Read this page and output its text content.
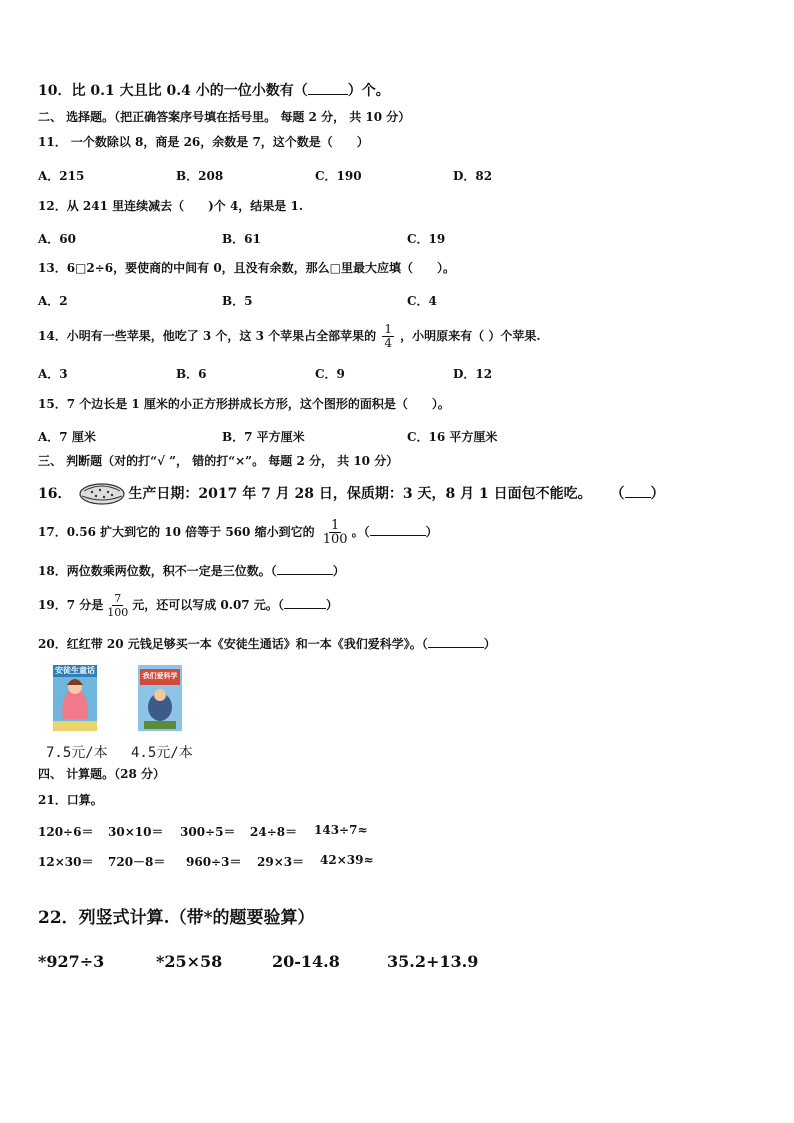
10．比 0.1 大且比 0.4 小的一位小数有（	）个。
二、 选择题。（把正确答案序号填在括号里。 每题 2 分， 共 10 分）
11． 一个数除以 8，商是 26，余数是 7，这个数是（　　）
A．215	B．208	C．190	D．82
12．从 241 里连续减去（　　)个 4，结果是 1.
A．60	B．61	C．19
13．6□2÷6，要使商的中间有 0，且没有余数，那么□里最大应填（　　）。
A．2	B．5	C．4
14．小明有一些苹果，他吃了 3 个，这 3 个苹果占全部苹果的 $\frac{1}{4}$ ，小明原来有（ ）个苹果.
A．3	B．6	C．9	D．12
15．7 个边长是 1 厘米的小正方形拼成长方形，这个图形的面积是（　　）。
A．7 厘米	B．7 平方厘米	C．16 平方厘米
三、 判断题（对的打“√ ”， 错的打“×”。 每题 2 分， 共 10 分）
16．	生产日期：2017 年 7 月 28 日，保质期：3 天，8 月 1 日面包不能吃。 （ ）
17．0.56 扩大到它的 10 倍等于 560 缩小到它的 $\frac{1}{100}$ 。（	）
18．两位数乘两位数，积不一定是三位数。（	）
19．7 分是 $\frac{7}{100}$ 元，还可以写成 0.07 元。（	）
20．红红带 20 元钱足够买一本《安徒生通话》和一本《我们爱科学》。（	）
安徒生童话
我们爱科学
7.5元/本 4.5元/本
四、 计算题。（28 分）
21．口算。
120÷6＝ 30×10＝ 300÷5＝ 24÷8＝ 143÷7≈
12×30＝ 720－8＝ 960÷3＝ 29×3＝ 42×39≈
22．列竖式计算.（带*的题要验算）
*927÷3	*25×58	20-14.8	35.2+13.9
